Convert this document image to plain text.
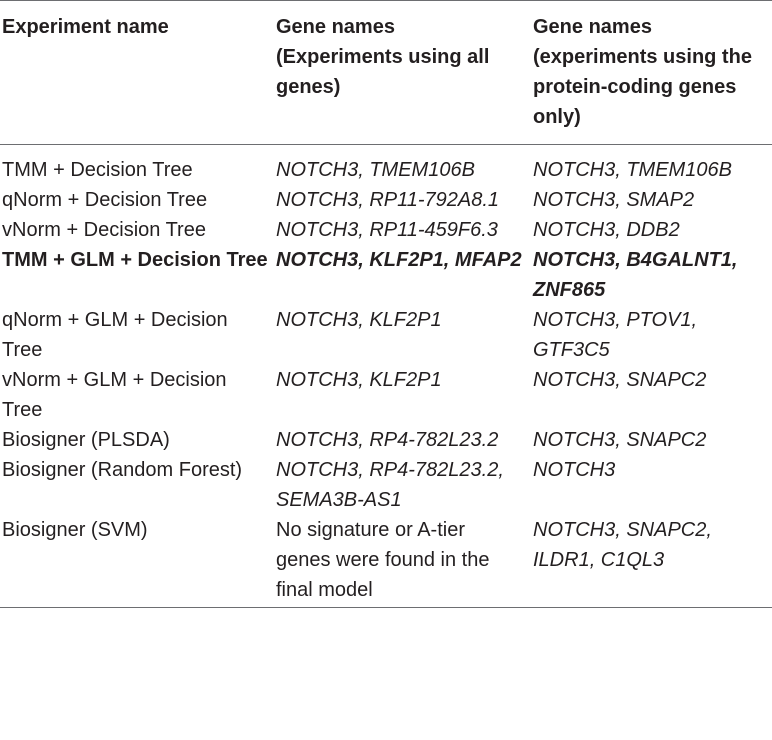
Experiment name	Gene names (Experiments using all genes)	Gene names (experiments using the protein-coding genes only)
TMM + Decision Tree	NOTCH3, TMEM106B	NOTCH3, TMEM106B
qNorm + Decision Tree	NOTCH3, RP11-792A8.1	NOTCH3, SMAP2
vNorm + Decision Tree	NOTCH3, RP11-459F6.3	NOTCH3, DDB2
TMM + GLM + Decision Tree	NOTCH3, KLF2P1, MFAP2	NOTCH3, B4GALNT1, ZNF865
qNorm + GLM + Decision Tree	NOTCH3, KLF2P1	NOTCH3, PTOV1, GTF3C5
vNorm + GLM + Decision Tree	NOTCH3, KLF2P1	NOTCH3, SNAPC2
Biosigner (PLSDA)	NOTCH3, RP4-782L23.2	NOTCH3, SNAPC2
Biosigner (Random Forest)	NOTCH3, RP4-782L23.2, SEMA3B-AS1	NOTCH3
Biosigner (SVM)	No signature or A-tier genes were found in the final model	NOTCH3, SNAPC2, ILDR1, C1QL3
